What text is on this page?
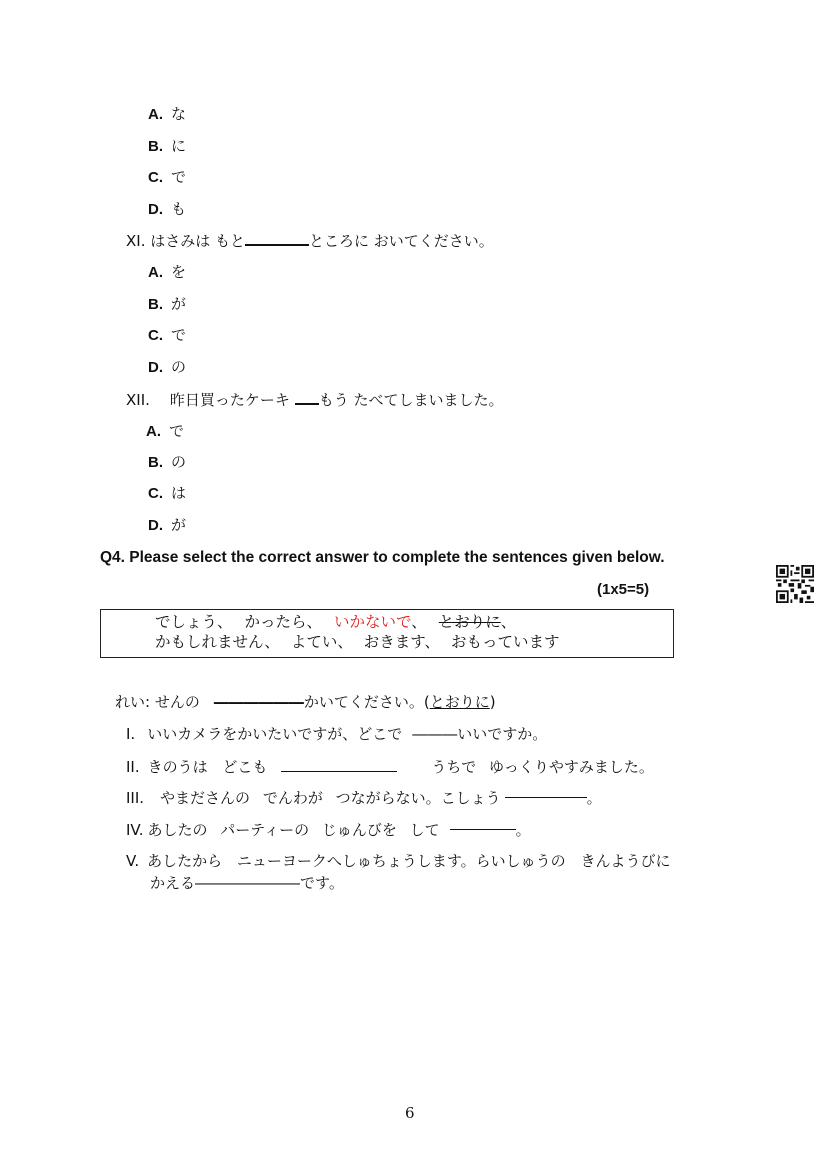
A. な
B. に
C. で
D. も
XI. はさみは もと	ところに おいてください。
A. を
B. が
C. で
D. の
XII. 昨日買ったケーキ もう たべてしまいました。
A. で
B. の
C. は
D. が
Q4. Please select the correct answer to complete the sentences given below.
(1x5=5)
でしょう、 かったら、 いかないで、 とおりに、
かもしれません、 よてい、 おきます、 おもっています
れい: せんの ――――――かいてください。(とおりに)
I. いいカメラをかいたいですが、どこで ―――いいですか。
II. きのうは どこも	うちで ゆっくりやすみました。
III. やまださんの でんわが つながらない。こしょう	。
IV. あしたの パーティーの じゅんびを して	。
V. あしたから ニューヨークへしゅちょうします。らいしゅうの きんようびに
かえる―――――――です。
6
